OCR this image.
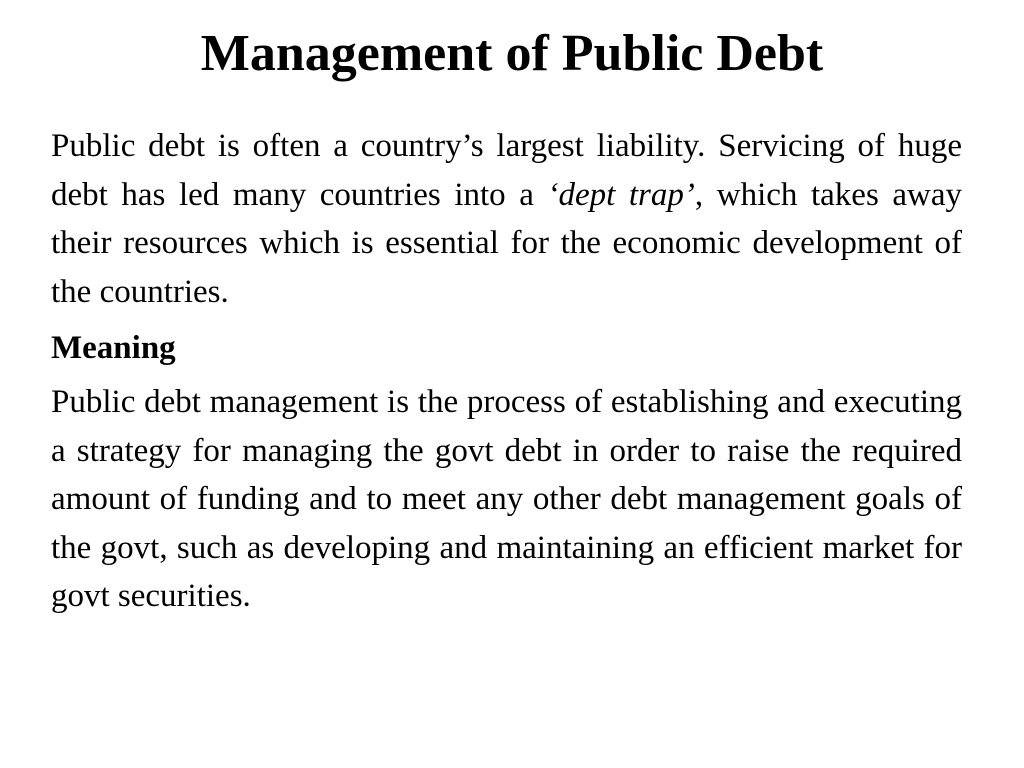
Management of Public Debt

Public debt is often a country’s largest liability. Servicing of huge debt has led many countries into a ‘dept trap’, which takes away their resources which is essential for the economic development of the countries.

Meaning

Public debt management is the process of establishing and executing a strategy for managing the govt debt in order to raise the required amount of funding and to meet any other debt management goals of the govt, such as developing and maintaining an efficient market for govt securities.
